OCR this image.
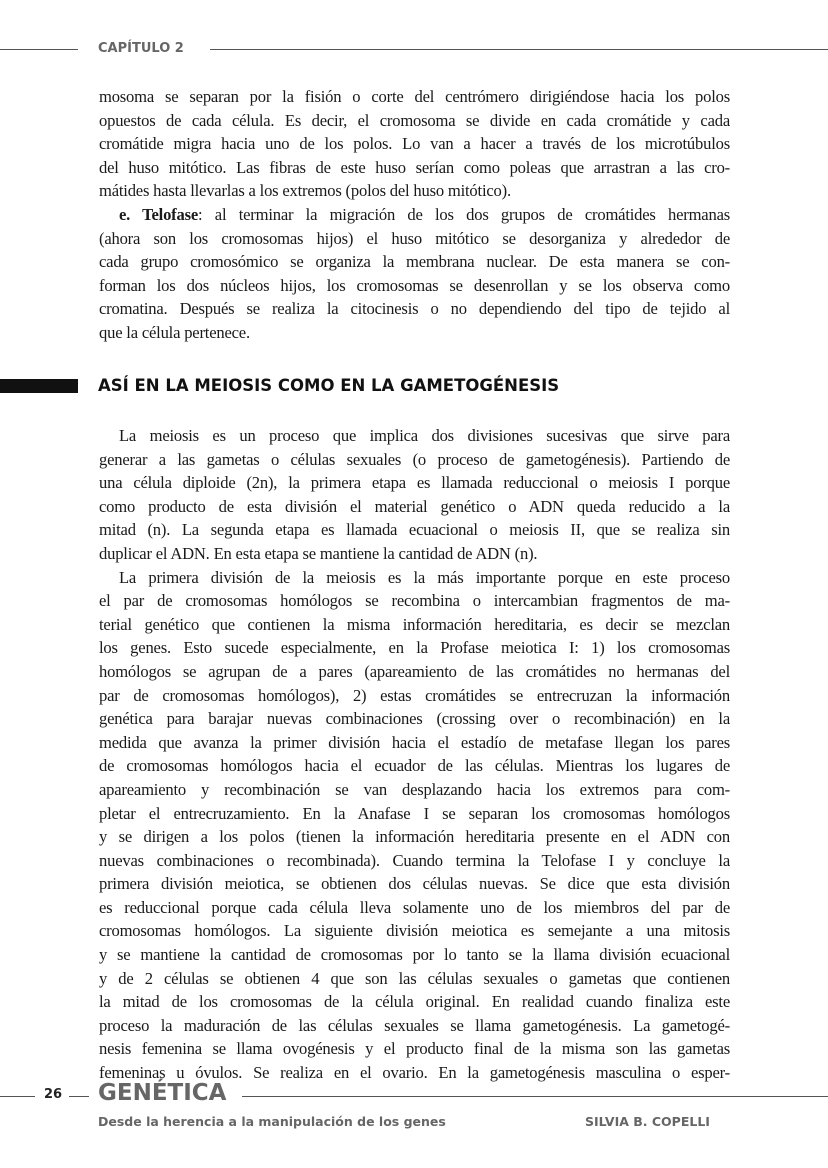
CAPÍTULO 2
mosoma se separan por la fisión o corte del centrómero dirigiéndose hacia los polos
opuestos de cada célula. Es decir, el cromosoma se divide en cada cromátide y cada
cromátide migra hacia uno de los polos. Lo van a hacer a través de los microtúbulos
del huso mitótico. Las fibras de este huso serían como poleas que arrastran a las cro-
mátides hasta llevarlas a los extremos (polos del huso mitótico).
e. Telofase: al terminar la migración de los dos grupos de cromátides hermanas
(ahora son los cromosomas hijos) el huso mitótico se desorganiza y alrededor de
cada grupo cromosómico se organiza la membrana nuclear. De esta manera se con-
forman los dos núcleos hijos, los cromosomas se desenrollan y se los observa como
cromatina. Después se realiza la citocinesis o no dependiendo del tipo de tejido al
que la célula pertenece.
ASÍ EN LA MEIOSIS COMO EN LA GAMETOGÉNESIS
La meiosis es un proceso que implica dos divisiones sucesivas que sirve para
generar a las gametas o células sexuales (o proceso de gametogénesis). Partiendo de
una célula diploide (2n), la primera etapa es llamada reduccional o meiosis I porque
como producto de esta división el material genético o ADN queda reducido a la
mitad (n). La segunda etapa es llamada ecuacional o meiosis II, que se realiza sin
duplicar el ADN. En esta etapa se mantiene la cantidad de ADN (n).
La primera división de la meiosis es la más importante porque en este proceso
el par de cromosomas homólogos se recombina o intercambian fragmentos de ma-
terial genético que contienen la misma información hereditaria, es decir se mezclan
los genes. Esto sucede especialmente, en la Profase meiotica I: 1) los cromosomas
homólogos se agrupan de a pares (apareamiento de las cromátides no hermanas del
par de cromosomas homólogos), 2) estas cromátides se entrecruzan la información
genética para barajar nuevas combinaciones (crossing over o recombinación) en la
medida que avanza la primer división hacia el estadío de metafase llegan los pares
de cromosomas homólogos hacia el ecuador de las células. Mientras los lugares de
apareamiento y recombinación se van desplazando hacia los extremos para com-
pletar el entrecruzamiento. En la Anafase I se separan los cromosomas homólogos
y se dirigen a los polos (tienen la información hereditaria presente en el ADN con
nuevas combinaciones o recombinada). Cuando termina la Telofase I y concluye la
primera división meiotica, se obtienen dos células nuevas. Se dice que esta división
es reduccional porque cada célula lleva solamente uno de los miembros del par de
cromosomas homólogos. La siguiente división meiotica es semejante a una mitosis
y se mantiene la cantidad de cromosomas por lo tanto se la llama división ecuacional
y de 2 células se obtienen 4 que son las células sexuales o gametas que contienen
la mitad de los cromosomas de la célula original. En realidad cuando finaliza este
proceso la maduración de las células sexuales se llama gametogénesis. La gametogé-
nesis femenina se llama ovogénesis y el producto final de la misma son las gametas
femeninas u óvulos. Se realiza en el ovario. En la gametogénesis masculina o esper-
26 GENÉTICA
Desde la herencia a la manipulación de los genes	SILVIA B. COPELLI
